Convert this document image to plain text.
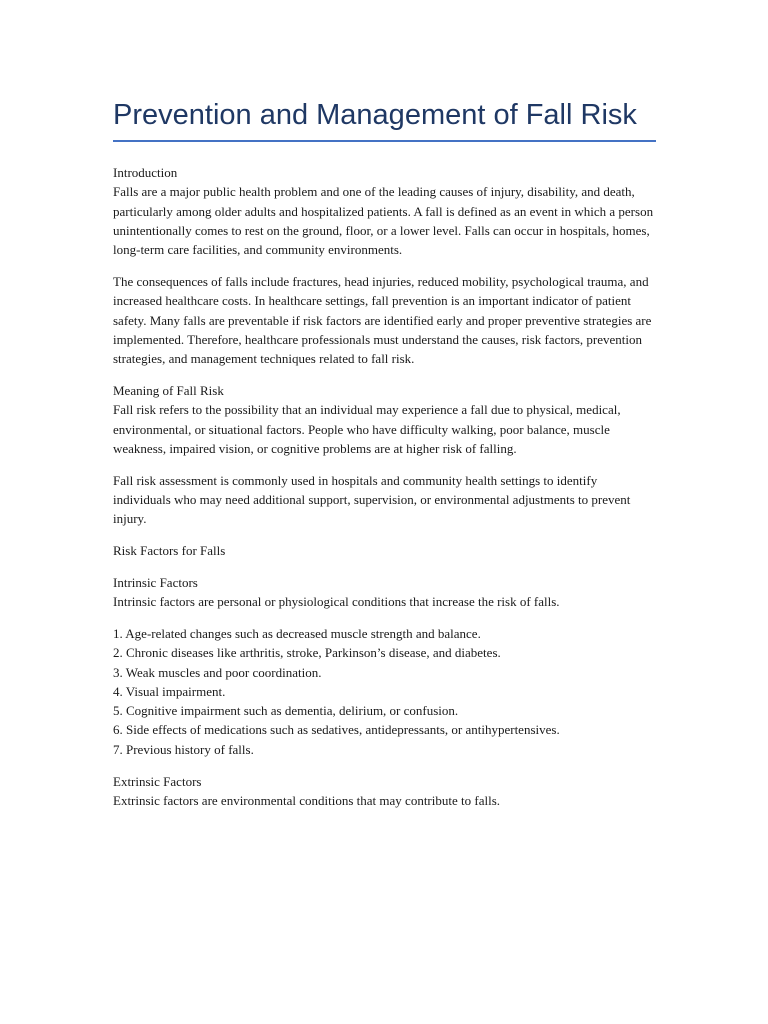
Prevention and Management of Fall Risk
Introduction
Falls are a major public health problem and one of the leading causes of injury, disability, and death, particularly among older adults and hospitalized patients. A fall is defined as an event in which a person unintentionally comes to rest on the ground, floor, or a lower level. Falls can occur in hospitals, homes, long-term care facilities, and community environments.
The consequences of falls include fractures, head injuries, reduced mobility, psychological trauma, and increased healthcare costs. In healthcare settings, fall prevention is an important indicator of patient safety. Many falls are preventable if risk factors are identified early and proper preventive strategies are implemented. Therefore, healthcare professionals must understand the causes, risk factors, prevention strategies, and management techniques related to fall risk.
Meaning of Fall Risk
Fall risk refers to the possibility that an individual may experience a fall due to physical, medical, environmental, or situational factors. People who have difficulty walking, poor balance, muscle weakness, impaired vision, or cognitive problems are at higher risk of falling.
Fall risk assessment is commonly used in hospitals and community health settings to identify individuals who may need additional support, supervision, or environmental adjustments to prevent injury.
Risk Factors for Falls
Intrinsic Factors
Intrinsic factors are personal or physiological conditions that increase the risk of falls.
1. Age-related changes such as decreased muscle strength and balance.
2. Chronic diseases like arthritis, stroke, Parkinson’s disease, and diabetes.
3. Weak muscles and poor coordination.
4. Visual impairment.
5. Cognitive impairment such as dementia, delirium, or confusion.
6. Side effects of medications such as sedatives, antidepressants, or antihypertensives.
7. Previous history of falls.
Extrinsic Factors
Extrinsic factors are environmental conditions that may contribute to falls.
